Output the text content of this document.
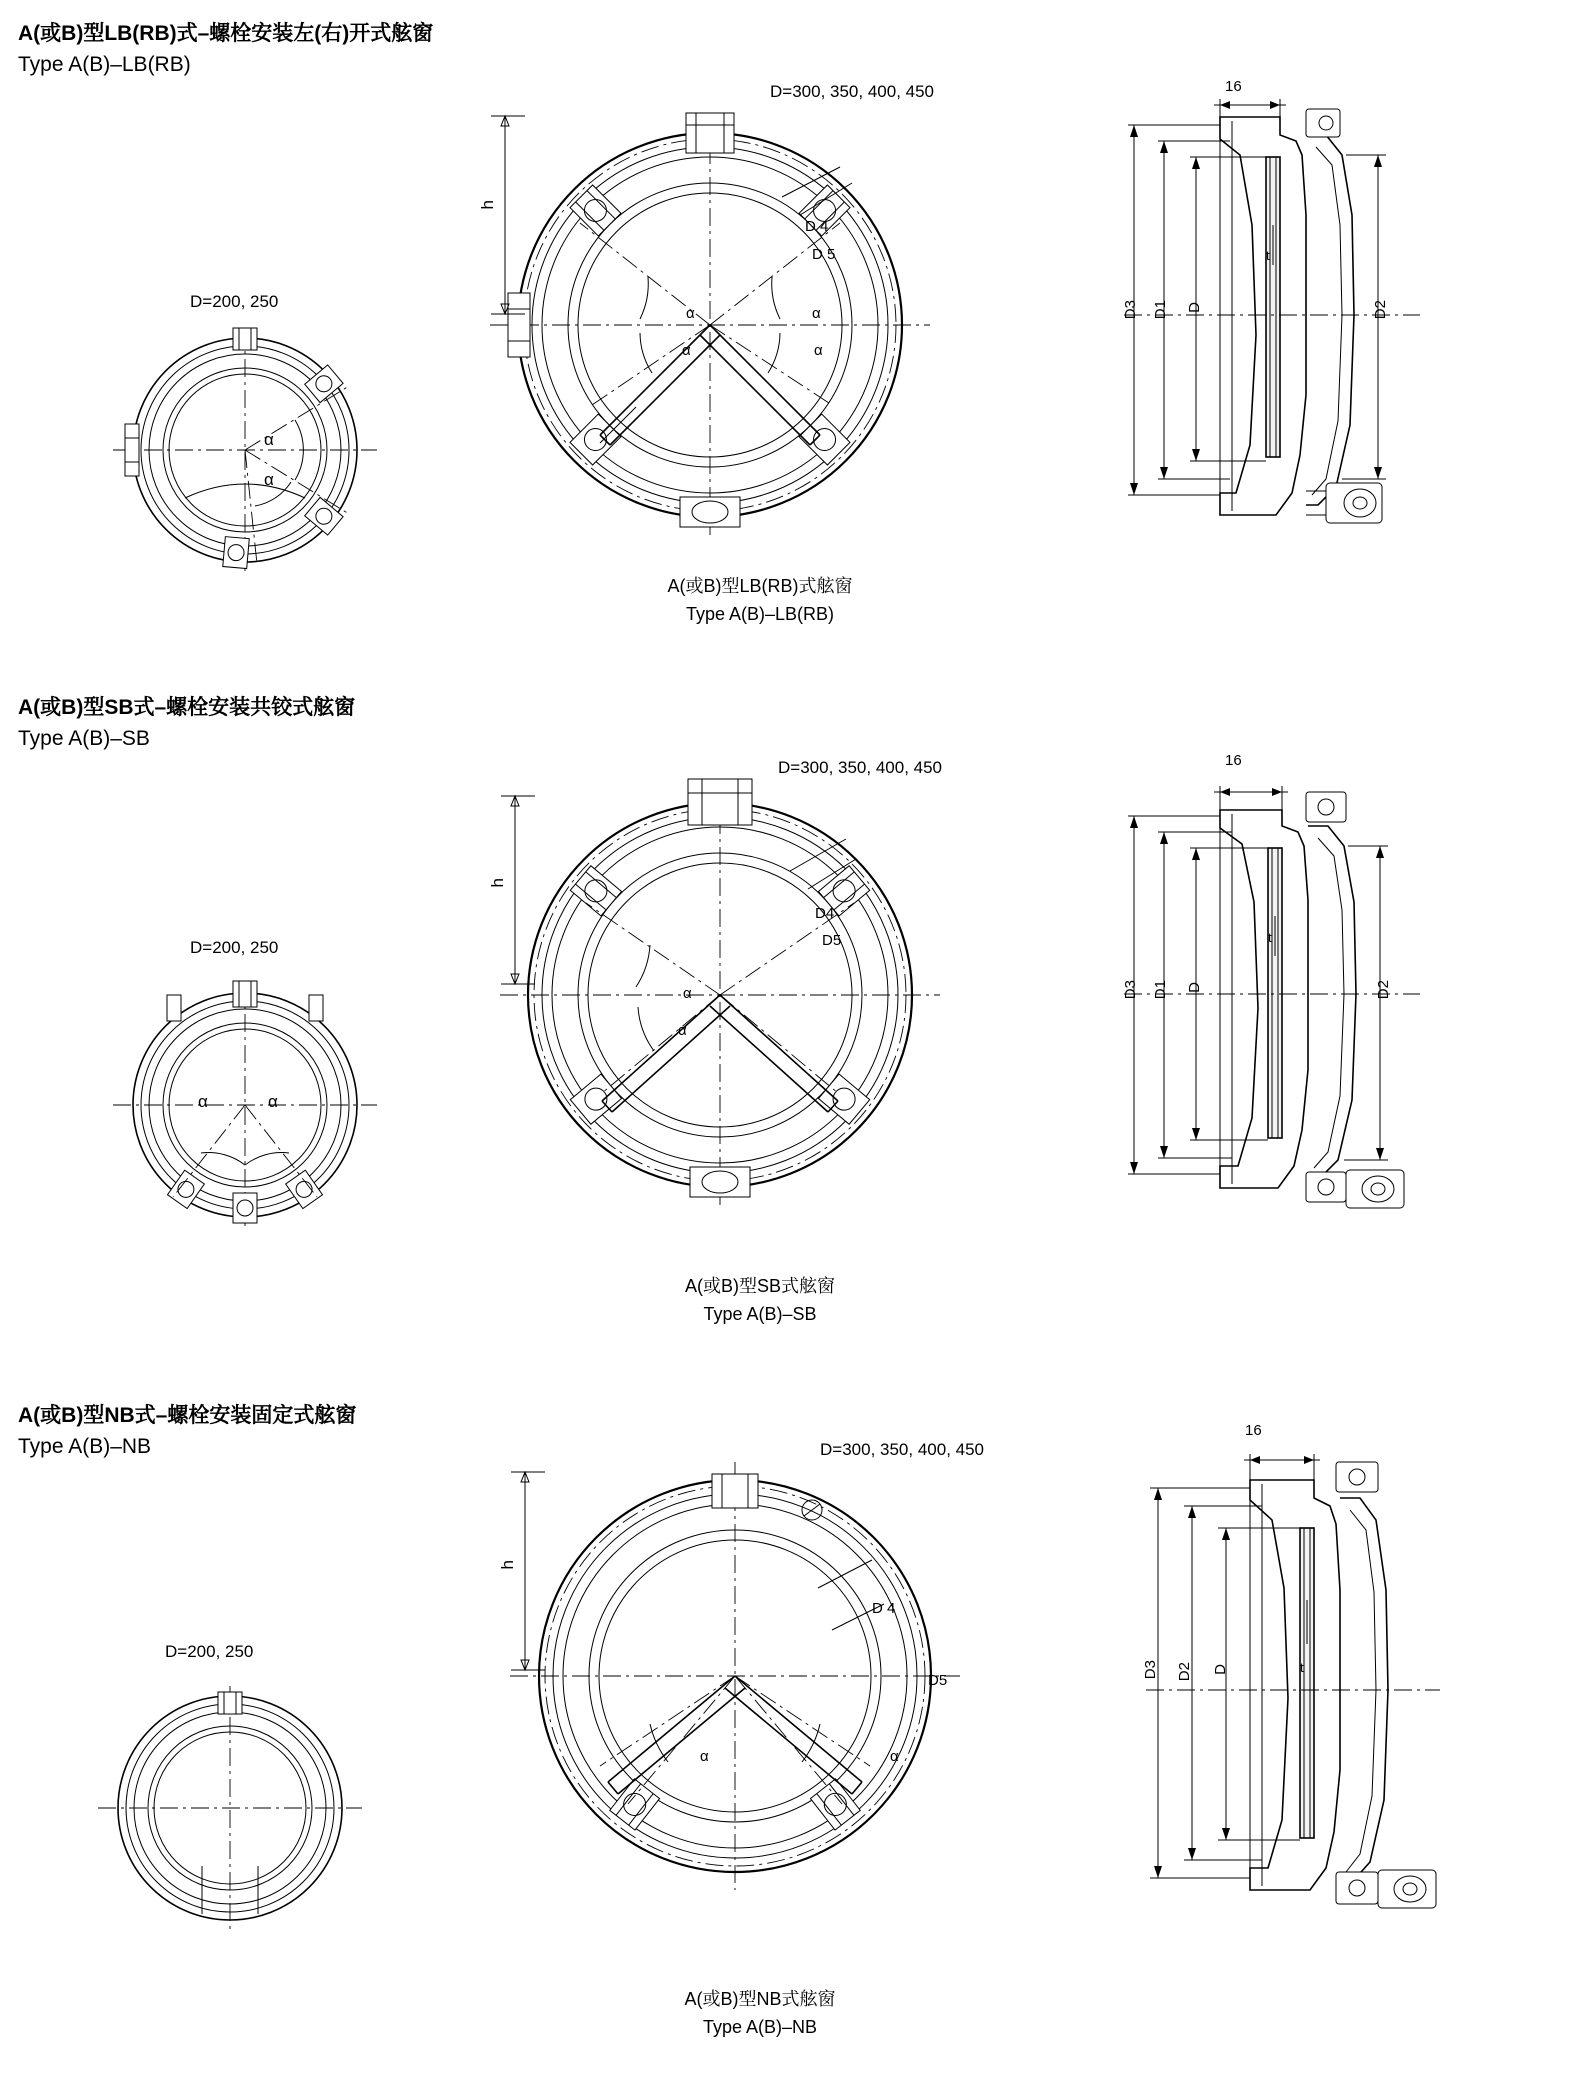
A(或B)型LB(RB)式–螺栓安装左(右)开式舷窗
Type A(B)–LB(RB)
D=200, 250
D=300, 350, 400, 450
α
α
h
D 4
D 5
α	α
α	α
16
D3 D1 D	D2
t
A(或B)型LB(RB)式舷窗
Type A(B)–LB(RB)
A(或B)型SB式–螺栓安装共铰式舷窗
Type A(B)–SB
D=200, 250
D=300, 350, 400, 450
α	α
h
D4
D5
α
α
16
D3 D1 D	D2
t
A(或B)型SB式舷窗
Type A(B)–SB
A(或B)型NB式–螺栓安装固定式舷窗
Type A(B)–NB
D=200, 250
D=300, 350, 400, 450
h
D 4
D5
α	α
16
D3 D2 D	t
A(或B)型NB式舷窗
Type A(B)–NB
